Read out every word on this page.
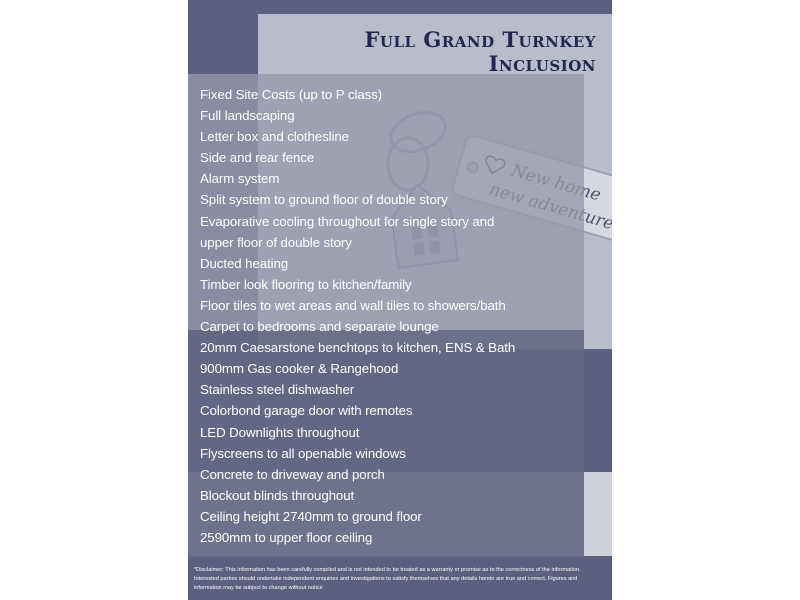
Full Grand Turnkey
Inclusion
Fixed Site Costs (up to P class)
Full landscaping
Letter box and clothesline
Side and rear fence
Alarm system
Split system to ground floor of double story
Evaporative cooling throughout for single story and
upper floor of double story
Ducted heating
Timber look flooring to kitchen/family
Floor tiles to wet areas and wall tiles to showers/bath
Carpet to bedrooms and separate lounge
20mm Caesarstone benchtops to kitchen, ENS & Bath
900mm Gas cooker & Rangehood
Stainless steel dishwasher
Colorbond garage door with remotes
LED Downlights throughout
Flyscreens to all openable windows
Concrete to driveway and porch
Blockout blinds throughout
Ceiling height 2740mm to ground floor
2590mm to upper floor ceiling
*Disclaimer: This information has been carefully compiled and is not intended to be treated as a warranty or promise as to the correctness of the information. Interested parties should undertake independent enquiries and investigations to satisfy themselves that any details herein are true and correct. Figures and information may be subject to change without notice
